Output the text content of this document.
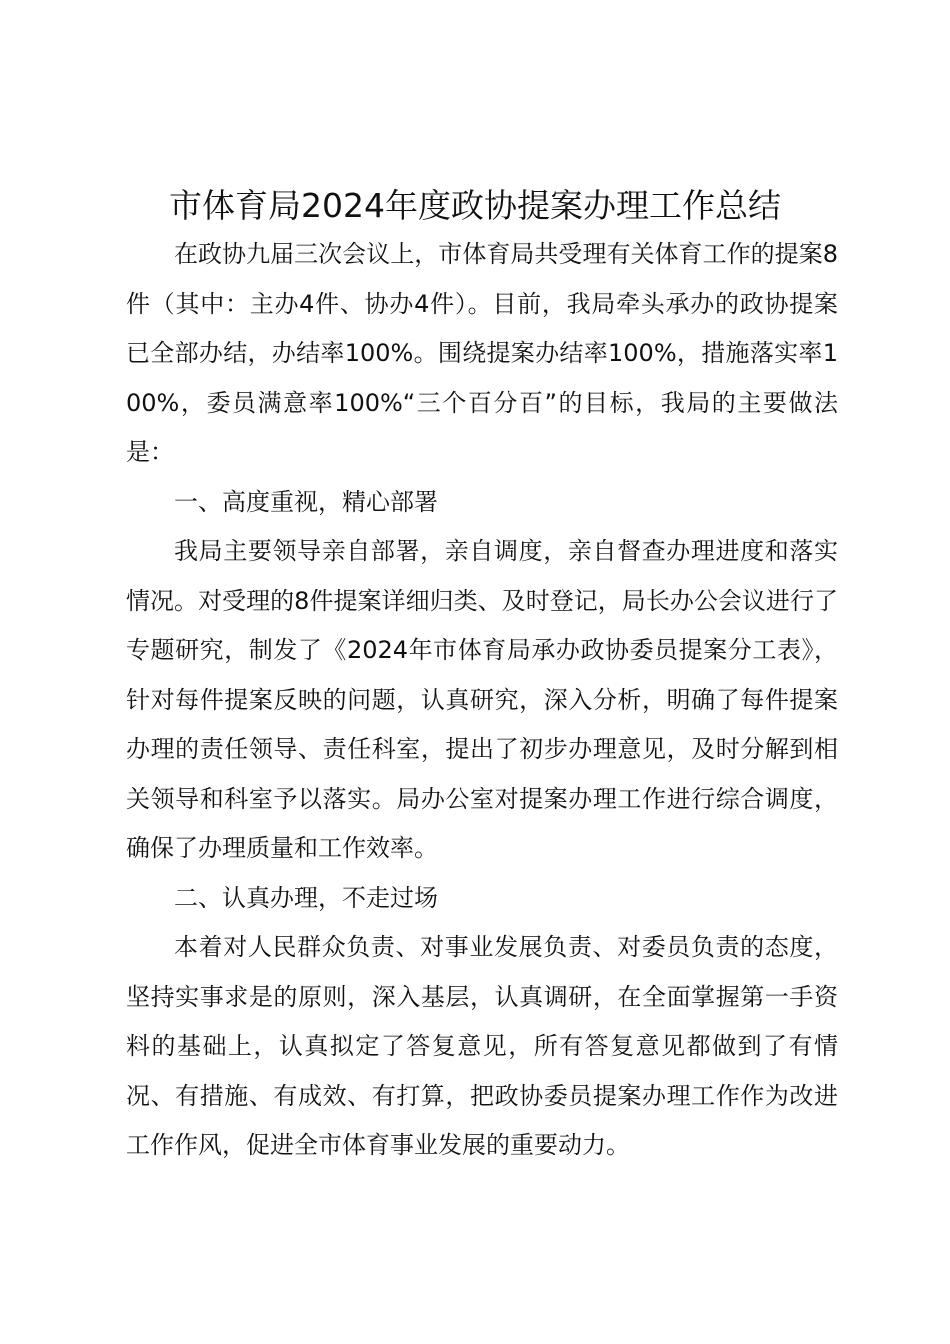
市体育局2024年度政协提案办理工作总结

在政协九届三次会议上，市体育局共受理有关体育工作的提案8件（其中：主办4件、协办4件）。目前，我局牵头承办的政协提案已全部办结，办结率100%。围绕提案办结率100%，措施落实率100%，委员满意率100%“三个百分百”的目标，我局的主要做法是：

一、高度重视，精心部署

我局主要领导亲自部署，亲自调度，亲自督查办理进度和落实情况。对受理的8件提案详细归类、及时登记，局长办公会议进行了专题研究，制发了《2024年市体育局承办政协委员提案分工表》，针对每件提案反映的问题，认真研究，深入分析，明确了每件提案办理的责任领导、责任科室，提出了初步办理意见，及时分解到相关领导和科室予以落实。局办公室对提案办理工作进行综合调度，确保了办理质量和工作效率。

二、认真办理，不走过场

本着对人民群众负责、对事业发展负责、对委员负责的态度，坚持实事求是的原则，深入基层，认真调研，在全面掌握第一手资料的基础上，认真拟定了答复意见，所有答复意见都做到了有情况、有措施、有成效、有打算，把政协委员提案办理工作作为改进工作作风，促进全市体育事业发展的重要动力。
